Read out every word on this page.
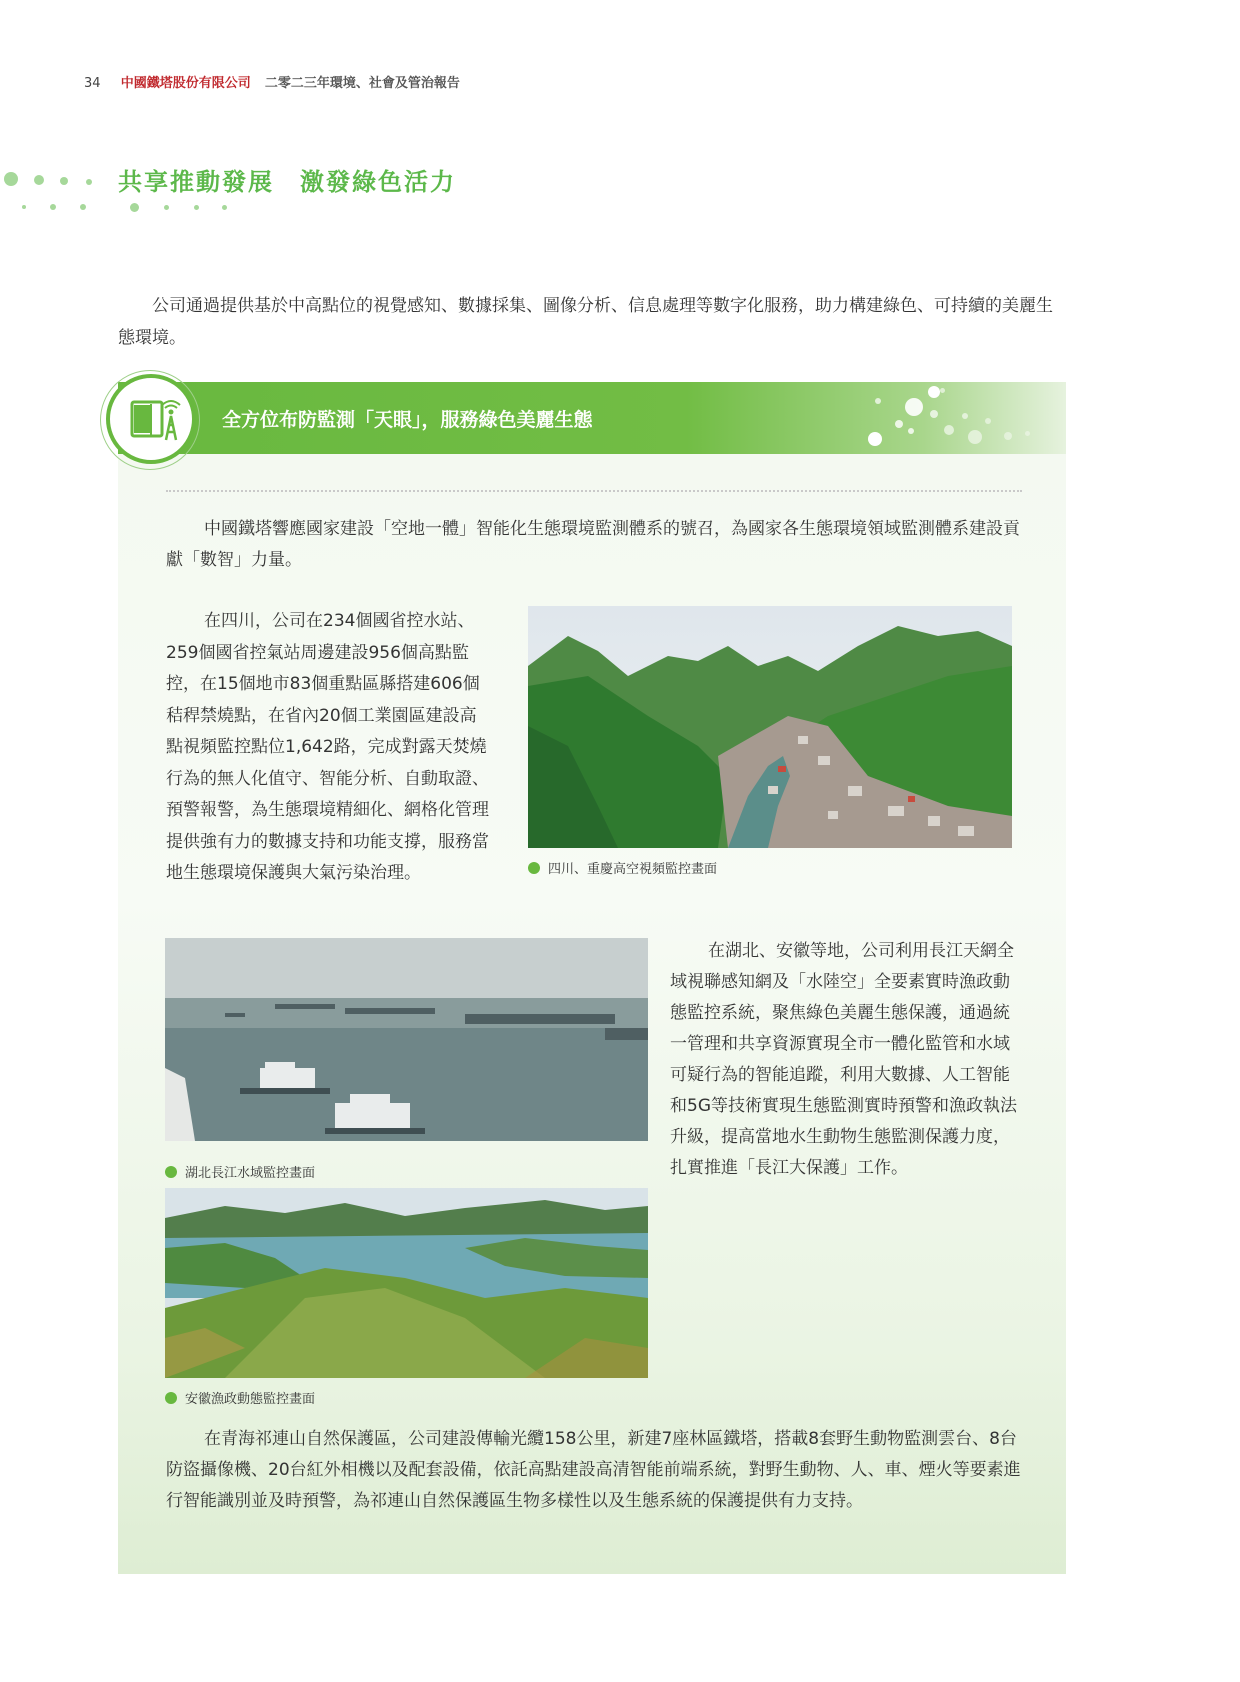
34 中國鐵塔股份有限公司 二零二三年環境、社會及管治報告
共享推動發展　激發綠色活力
公司通過提供基於中高點位的視覺感知、數據採集、圖像分析、信息處理等數字化服務，助力構建綠色、可持續的美麗生態環境。
全方位布防監測「天眼」，服務綠色美麗生態
中國鐵塔響應國家建設「空地一體」智能化生態環境監測體系的號召，為國家各生態環境領域監測體系建設貢獻「數智」力量。
在四川，公司在234個國省控水站、259個國省控氣站周邊建設956個高點監控，在15個地市83個重點區縣搭建606個秸稈禁燒點，在省內20個工業園區建設高點視頻監控點位1,642路，完成對露天焚燒行為的無人化值守、智能分析、自動取證、預警報警，為生態環境精細化、網格化管理提供強有力的數據支持和功能支撐，服務當地生態環境保護與大氣污染治理。	四川、重慶高空視頻監控畫面
湖北長江水域監控畫面
安徽漁政動態監控畫面
在湖北、安徽等地，公司利用長江天網全域視聯感知網及「水陸空」全要素實時漁政動態監控系統，聚焦綠色美麗生態保護，通過統一管理和共享資源實現全市一體化監管和水域可疑行為的智能追蹤，利用大數據、人工智能和5G等技術實現生態監測實時預警和漁政執法升級，提高當地水生動物生態監測保護力度，扎實推進「長江大保護」工作。
在青海祁連山自然保護區，公司建設傳輸光纜158公里，新建7座林區鐵塔，搭載8套野生動物監測雲台、8台防盜攝像機、20台紅外相機以及配套設備，依託高點建設高清智能前端系統，對野生動物、人、車、煙火等要素進行智能識別並及時預警，為祁連山自然保護區生物多樣性以及生態系統的保護提供有力支持。
